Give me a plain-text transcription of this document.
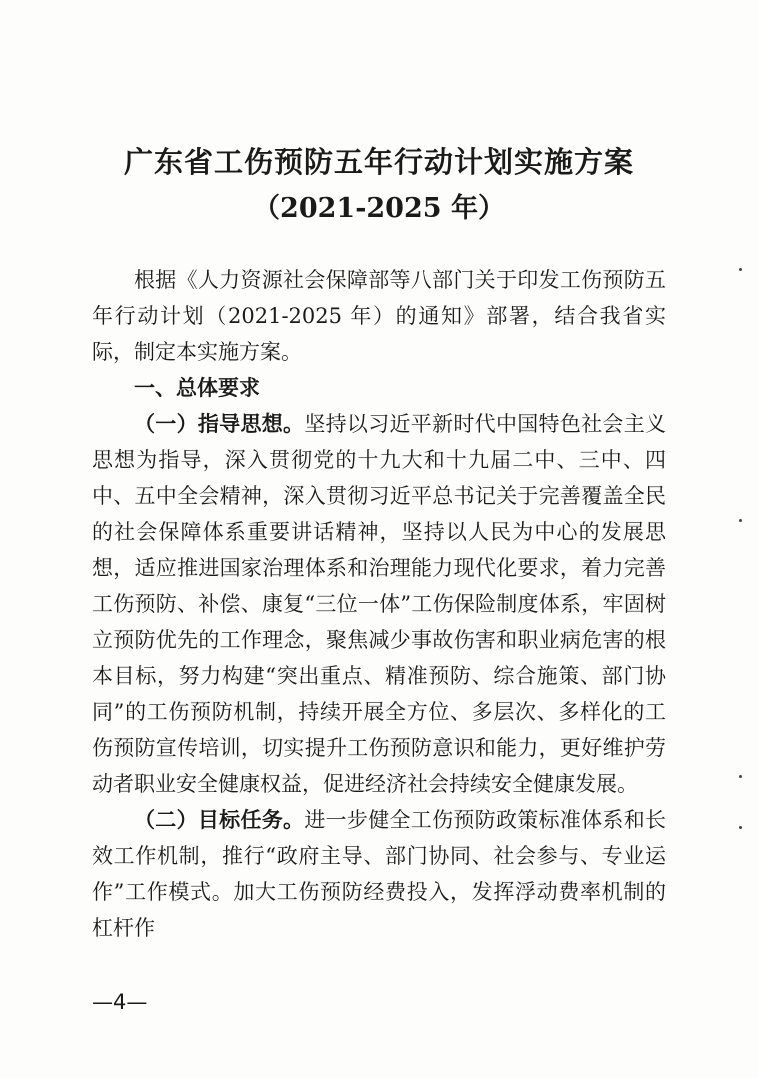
广东省工伤预防五年行动计划实施方案
（2021-2025 年）

根据《人力资源社会保障部等八部门关于印发工伤预防五年行动计划（2021-2025 年）的通知》部署，结合我省实际，制定本实施方案。

一、总体要求

（一）指导思想。坚持以习近平新时代中国特色社会主义思想为指导，深入贯彻党的十九大和十九届二中、三中、四中、五中全会精神，深入贯彻习近平总书记关于完善覆盖全民的社会保障体系重要讲话精神，坚持以人民为中心的发展思想，适应推进国家治理体系和治理能力现代化要求，着力完善工伤预防、补偿、康复“三位一体”工伤保险制度体系，牢固树立预防优先的工作理念，聚焦减少事故伤害和职业病危害的根本目标，努力构建“突出重点、精准预防、综合施策、部门协同”的工伤预防机制，持续开展全方位、多层次、多样化的工伤预防宣传培训，切实提升工伤预防意识和能力，更好维护劳动者职业安全健康权益，促进经济社会持续安全健康发展。

（二）目标任务。进一步健全工伤预防政策标准体系和长效工作机制，推行“政府主导、部门协同、社会参与、专业运作”工作模式。加大工伤预防经费投入，发挥浮动费率机制的杠杆作

—4—
